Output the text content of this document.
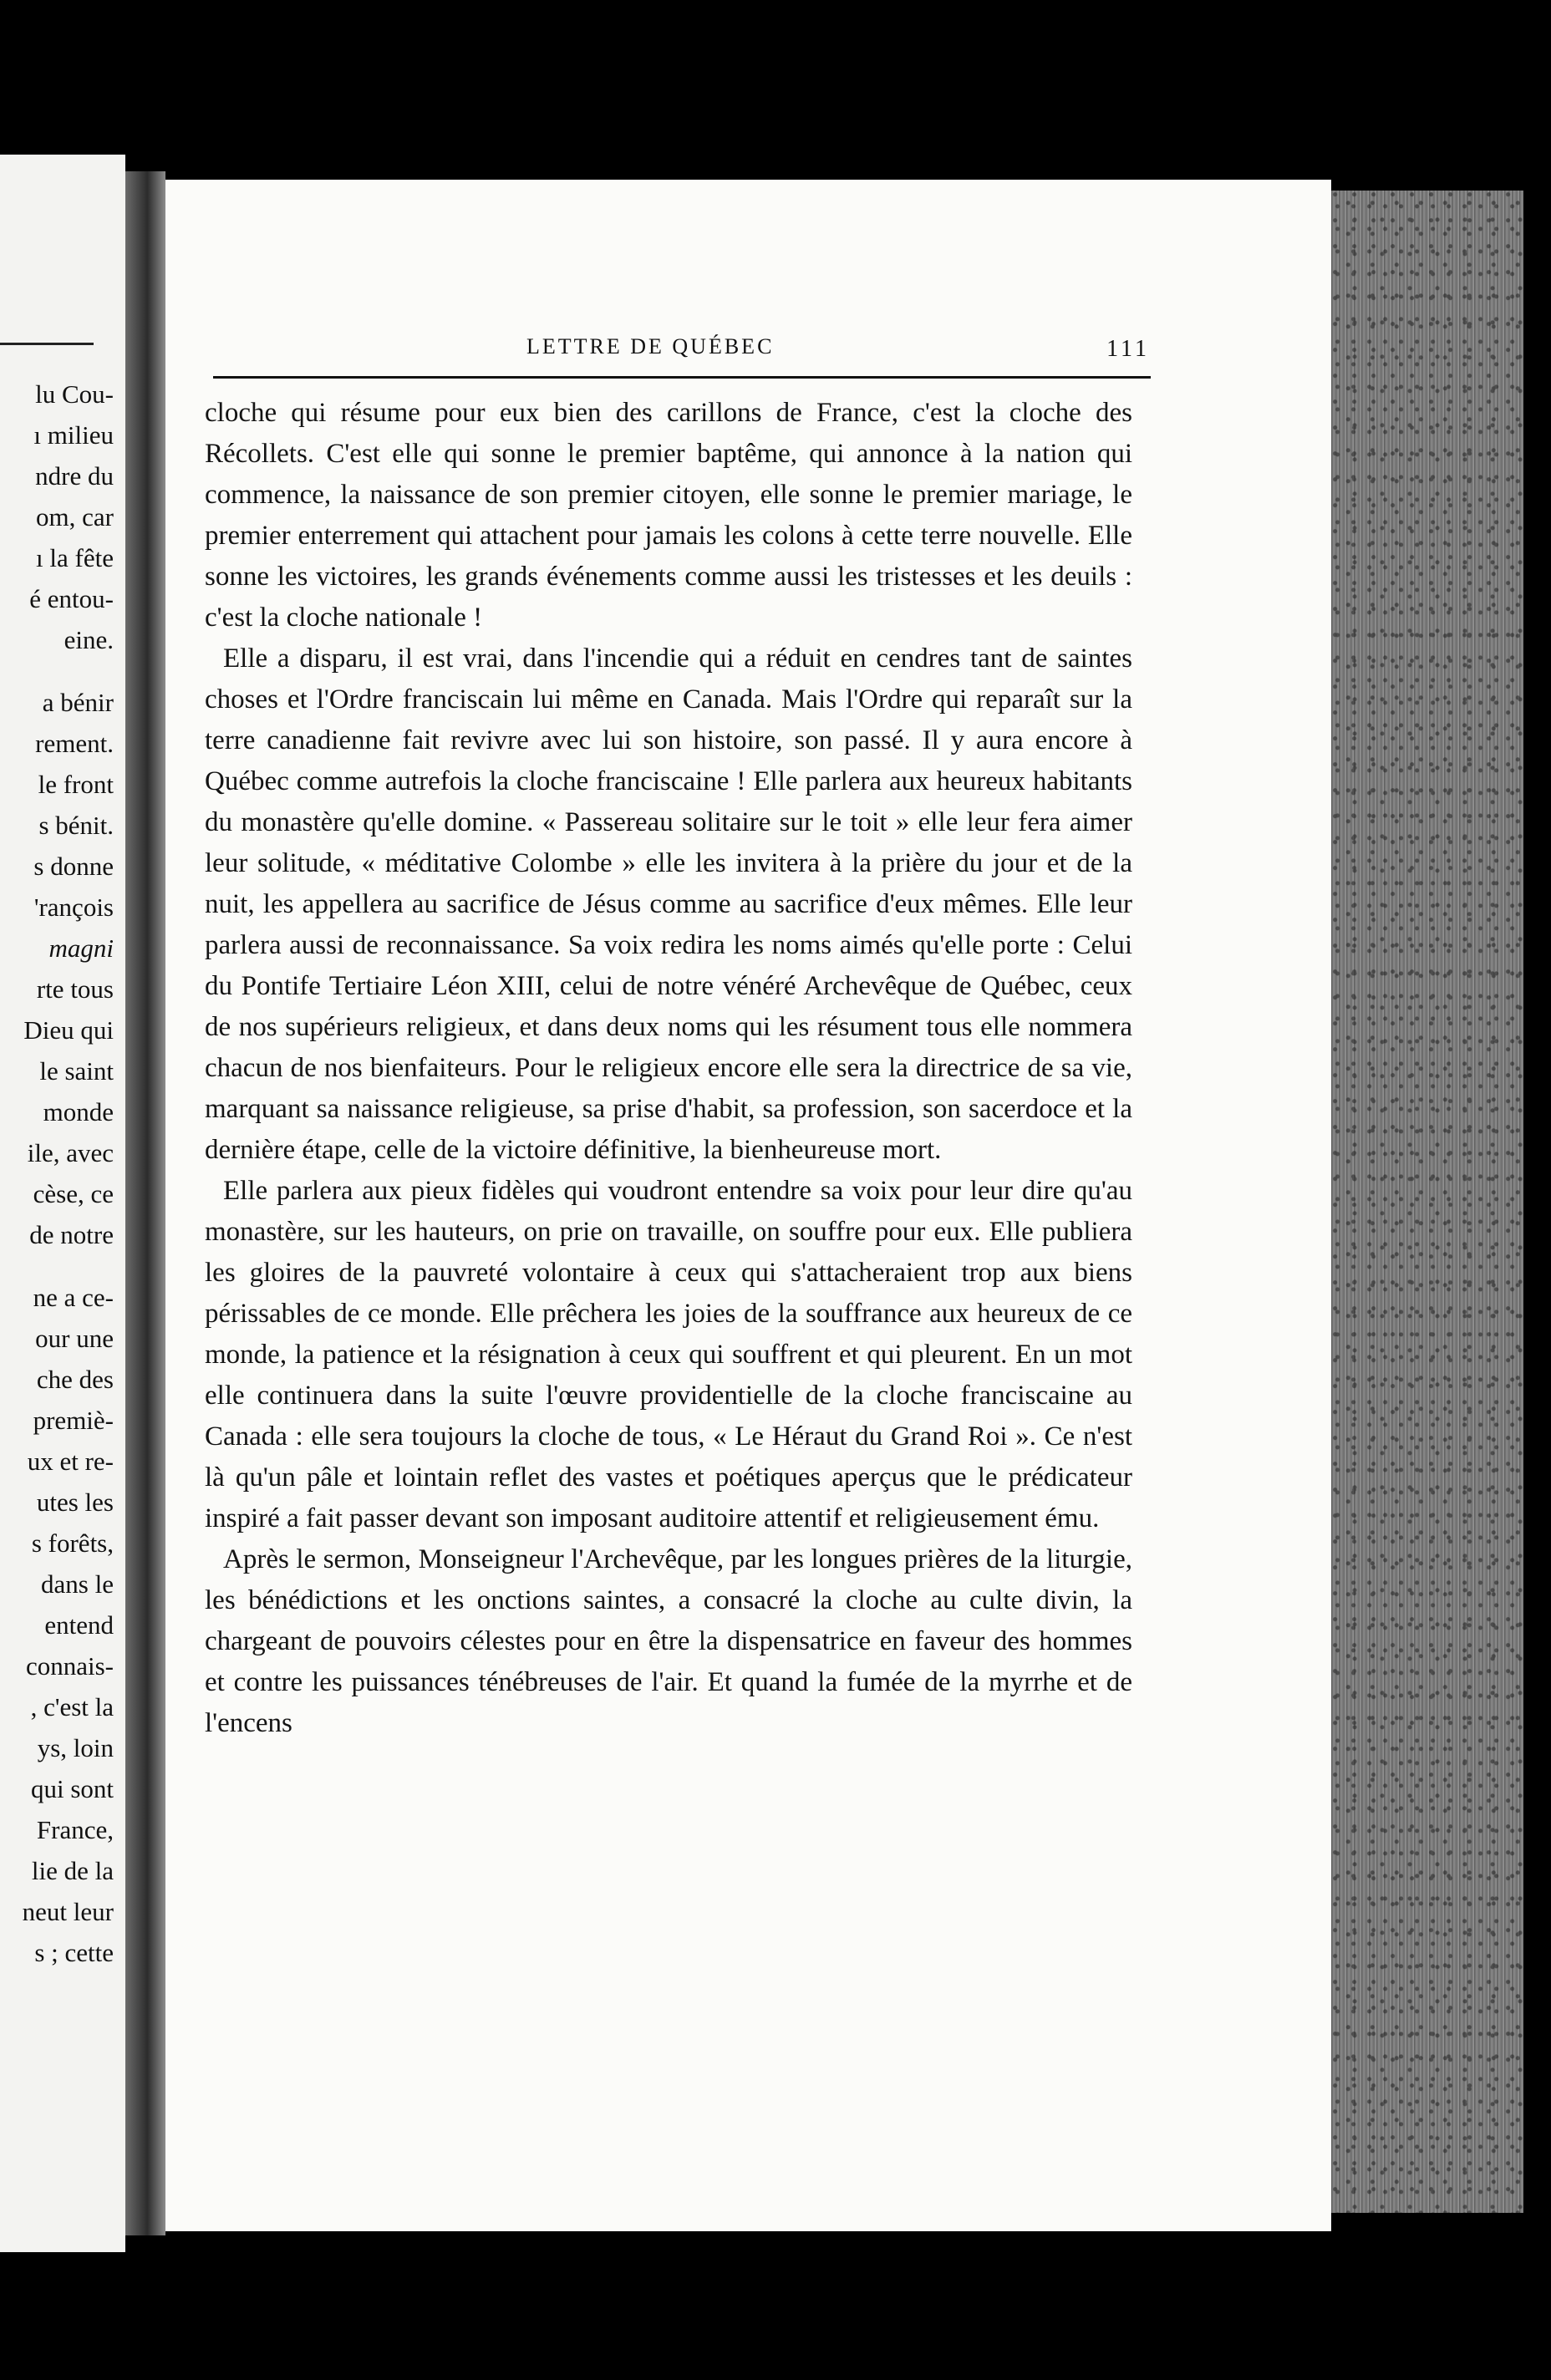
lu Cou-
ı milieu
ndre du
om, car
ı la fête
é entou-
eine.
a bénir
rement.
le front
s bénit.
s donne
'rançois
magni
rte tous
Dieu qui
le saint
monde
ile, avec
cèse, ce
de notre
ne a ce-
our une
che des
premiè-
ux et re-
utes les
s forêts,
dans le
entend
connais-
, c'est la
ys, loin
qui sont
France,
lie de la
neut leur
s ; cette
LETTRE DE QUÉBEC	111

cloche qui résume pour eux bien des carillons de France, c'est la cloche des Récollets. C'est elle qui sonne le premier baptême, qui annonce à la nation qui commence, la naissance de son premier citoyen, elle sonne le premier mariage, le premier enterrement qui attachent pour jamais les colons à cette terre nouvelle. Elle sonne les victoires, les grands événements comme aussi les tristesses et les deuils : c'est la cloche nationale !

Elle a disparu, il est vrai, dans l'incendie qui a réduit en cendres tant de saintes choses et l'Ordre franciscain lui même en Canada. Mais l'Ordre qui reparaît sur la terre canadienne fait revivre avec lui son histoire, son passé. Il y aura encore à Québec comme autrefois la cloche franciscaine ! Elle parlera aux heureux habitants du monastère qu'elle domine. « Passereau solitaire sur le toit » elle leur fera aimer leur solitude, « méditative Colombe » elle les invitera à la prière du jour et de la nuit, les appellera au sacrifice de Jésus comme au sacrifice d'eux mêmes. Elle leur parlera aussi de reconnaissance. Sa voix redira les noms aimés qu'elle porte : Celui du Pontife Tertiaire Léon XIII, celui de notre vénéré Archevêque de Québec, ceux de nos supérieurs religieux, et dans deux noms qui les résument tous elle nommera chacun de nos bienfaiteurs. Pour le religieux encore elle sera la directrice de sa vie, marquant sa naissance religieuse, sa prise d'habit, sa profession, son sacerdoce et la dernière étape, celle de la victoire définitive, la bienheureuse mort.

Elle parlera aux pieux fidèles qui voudront entendre sa voix pour leur dire qu'au monastère, sur les hauteurs, on prie on travaille, on souffre pour eux. Elle publiera les gloires de la pauvreté volontaire à ceux qui s'attacheraient trop aux biens périssables de ce monde. Elle prêchera les joies de la souffrance aux heureux de ce monde, la patience et la résignation à ceux qui souffrent et qui pleurent. En un mot elle continuera dans la suite l'œuvre providentielle de la cloche franciscaine au Canada : elle sera toujours la cloche de tous, « Le Héraut du Grand Roi ». Ce n'est là qu'un pâle et lointain reflet des vastes et poétiques aperçus que le prédicateur inspiré a fait passer devant son imposant auditoire attentif et religieusement ému.

Après le sermon, Monseigneur l'Archevêque, par les longues prières de la liturgie, les bénédictions et les onctions saintes, a consacré la cloche au culte divin, la chargeant de pouvoirs célestes pour en être la dispensatrice en faveur des hommes et contre les puissances ténébreuses de l'air. Et quand la fumée de la myrrhe et de l'encens
